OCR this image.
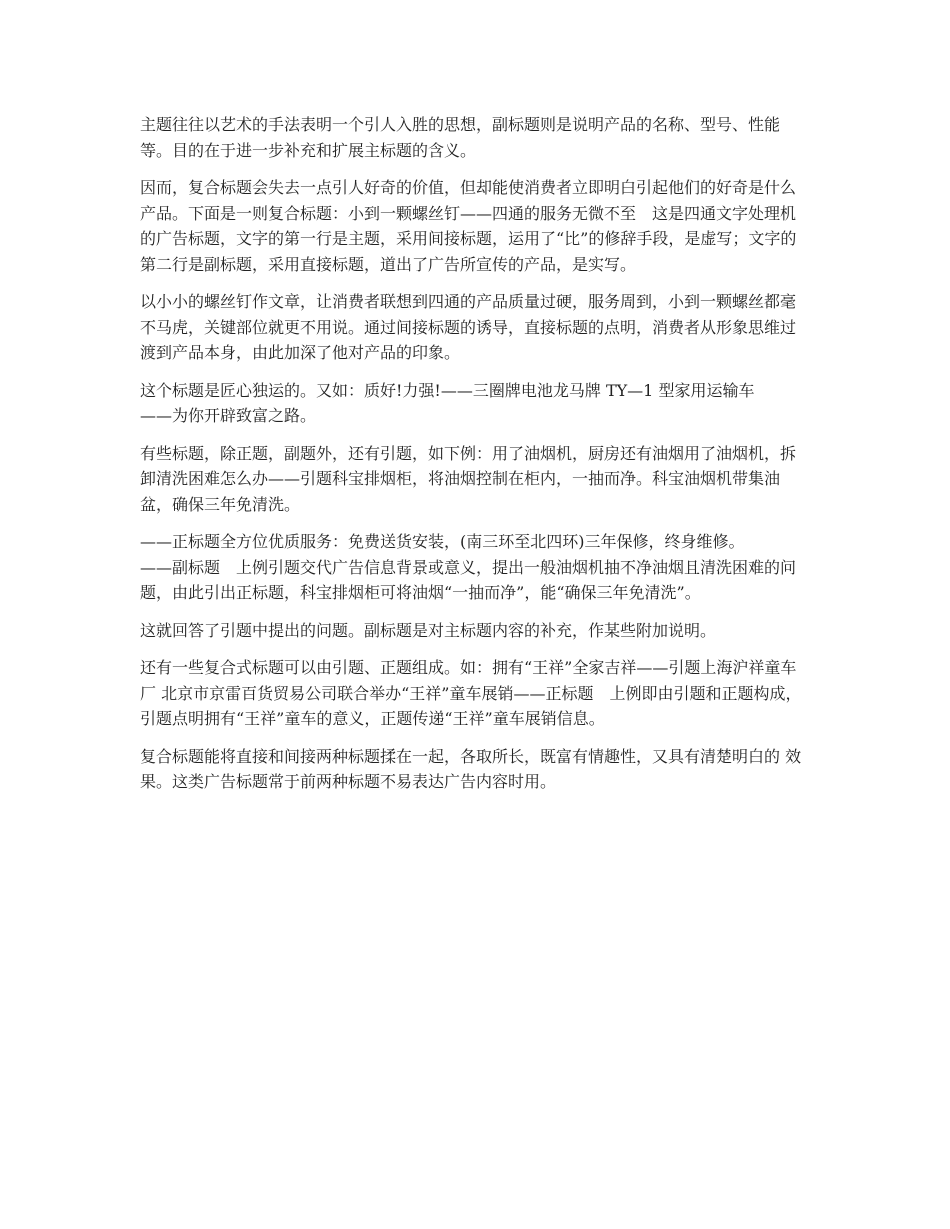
主题往往以艺术的手法表明一个引人入胜的思想，副标题则是说明产品的名称、型号、性能等。目的在于进一步补充和扩展主标题的含义。

因而，复合标题会失去一点引人好奇的价值，但却能使消费者立即明白引起他们的好奇是什么产品。下面是一则复合标题：小到一颗螺丝钉——四通的服务无微不至　这是四通文字处理机的广告标题，文字的第一行是主题，采用间接标题，运用了“比”的修辞手段，是虚写；文字的第二行是副标题，采用直接标题，道出了广告所宣传的产品，是实写。

以小小的螺丝钉作文章，让消费者联想到四通的产品质量过硬，服务周到，小到一颗螺丝都毫不马虎，关键部位就更不用说。通过间接标题的诱导，直接标题的点明，消费者从形象思维过渡到产品本身，由此加深了他对产品的印象。

这个标题是匠心独运的。又如：质好!力强!——三圈牌电池龙马牌 TY—1 型家用运输车
——为你开辟致富之路。

有些标题，除正题，副题外，还有引题，如下例：用了油烟机，厨房还有油烟用了油烟机，拆卸清洗困难怎么办——引题科宝排烟柜，将油烟控制在柜内，一抽而净。科宝油烟机带集油盆，确保三年免清洗。

——正标题全方位优质服务：免费送货安装，(南三环至北四环)三年保修，终身维修。
——副标题　上例引题交代广告信息背景或意义，提出一般油烟机抽不净油烟且清洗困难的问题，由此引出正标题，科宝排烟柜可将油烟“一抽而净”，能“确保三年免清洗”。

这就回答了引题中提出的问题。副标题是对主标题内容的补充，作某些附加说明。

还有一些复合式标题可以由引题、正题组成。如：拥有“王祥”全家吉祥——引题上海沪祥童车厂 北京市京雷百货贸易公司联合举办“王祥”童车展销——正标题　上例即由引题和正题构成，引题点明拥有“王祥”童车的意义，正题传递“王祥”童车展销信息。

复合标题能将直接和间接两种标题揉在一起，各取所长，既富有情趣性，又具有清楚明白的 效果。这类广告标题常于前两种标题不易表达广告内容时用。
